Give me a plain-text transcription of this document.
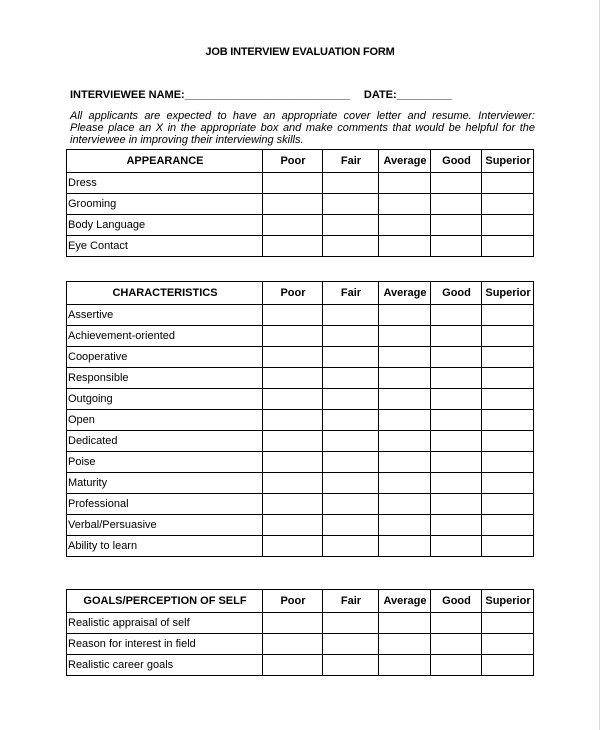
JOB INTERVIEW EVALUATION FORM
INTERVIEWEE NAME:___________________________ DATE:_________
All applicants are expected to have an appropriate cover letter and resume. Interviewer:
Please place an X in the appropriate box and make comments that would be helpful for the
interviewee in improving their interviewing skills.
APPEARANCE	Poor	Fair	Average	Good	Superior
Dress					
Grooming					
Body Language					
Eye Contact					
CHARACTERISTICS	Poor	Fair	Average	Good	Superior
Assertive					
Achievement-oriented					
Cooperative					
Responsible					
Outgoing					
Open					
Dedicated					
Poise					
Maturity					
Professional					
Verbal/Persuasive					
Ability to learn					
GOALS/PERCEPTION OF SELF	Poor	Fair	Average	Good	Superior
Realistic appraisal of self					
Reason for interest in field					
Realistic career goals					
